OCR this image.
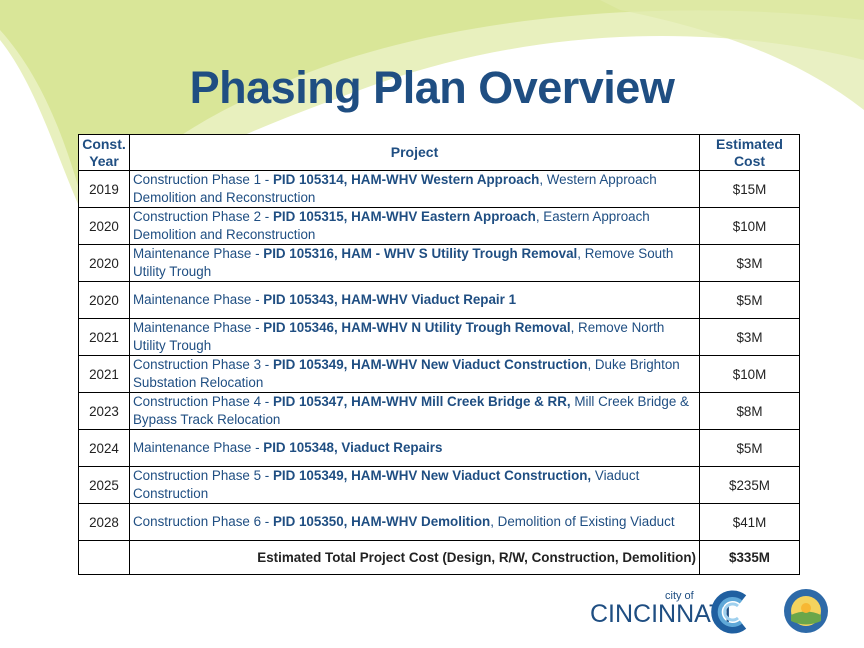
Phasing Plan Overview
Const. Year	Project	Estimated Cost
2019	Construction Phase 1 - PID 105314, HAM-WHV Western Approach, Western Approach Demolition and Reconstruction	$15M
2020	Construction Phase 2 - PID 105315, HAM-WHV Eastern Approach, Eastern Approach Demolition and Reconstruction	$10M
2020	Maintenance Phase - PID 105316, HAM - WHV S Utility Trough Removal, Remove South Utility Trough	$3M
2020	Maintenance Phase - PID 105343, HAM-WHV Viaduct Repair 1	$5M
2021	Maintenance Phase - PID 105346, HAM-WHV N Utility Trough Removal, Remove North Utility Trough	$3M
2021	Construction Phase 3 - PID 105349, HAM-WHV New Viaduct Construction, Duke Brighton Substation Relocation	$10M
2023	Construction Phase 4 - PID 105347, HAM-WHV Mill Creek Bridge & RR, Mill Creek Bridge & Bypass Track Relocation	$8M
2024	Maintenance Phase - PID 105348, Viaduct Repairs	$5M
2025	Construction Phase 5 - PID 105349, HAM-WHV New Viaduct Construction, Viaduct Construction	$235M
2028	Construction Phase 6 - PID 105350, HAM-WHV Demolition, Demolition of Existing Viaduct	$41M
	Estimated Total Project Cost (Design, R/W, Construction, Demolition)	$335M
city of
CINCINNATI
